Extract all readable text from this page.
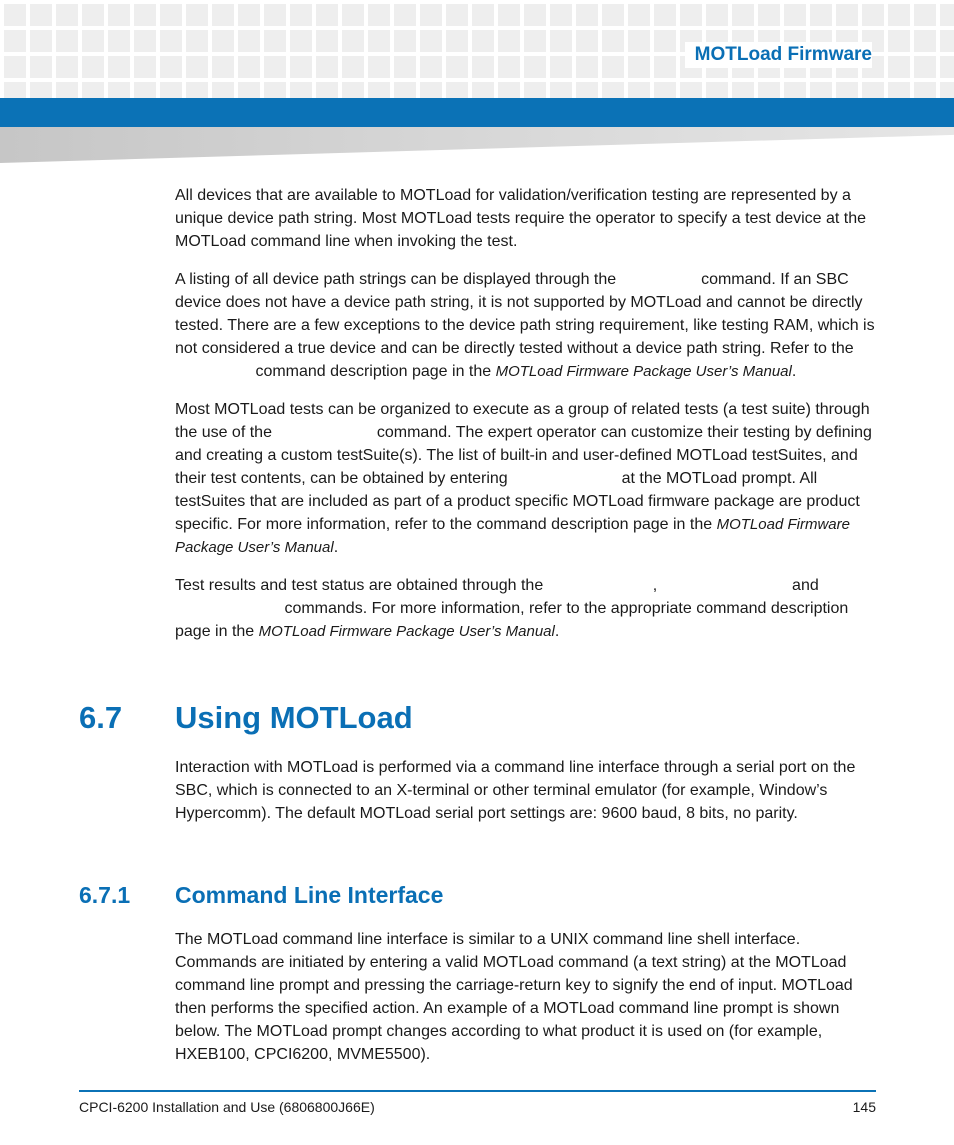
MOTLoad Firmware

All devices that are available to MOTLoad for validation/verification testing are represented by a unique device path string. Most MOTLoad tests require the operator to specify a test device at the MOTLoad command line when invoking the test.

A listing of all device path strings can be displayed through the	command. If an SBC device does not have a device path string, it is not supported by MOTLoad and cannot be directly tested. There are a few exceptions to the device path string requirement, like testing RAM, which is not considered a true device and can be directly tested without a device path string. Refer to the  command description page in the MOTLoad Firmware Package User’s Manual.

Most MOTLoad tests can be organized to execute as a group of related tests (a test suite) through the use of the	command. The expert operator can customize their testing by defining and creating a custom testSuite(s). The list of built-in and user-defined MOTLoad testSuites, and their test contents, can be obtained by entering	at the MOTLoad prompt. All testSuites that are included as part of a product specific MOTLoad firmware package are product specific. For more information, refer to the command description page in the MOTLoad Firmware Package User’s Manual.

Test results and test status are obtained through the	,	and  commands. For more information, refer to the appropriate command description page in the MOTLoad Firmware Package User’s Manual.

6.7 Using MOTLoad

Interaction with MOTLoad is performed via a command line interface through a serial port on the SBC, which is connected to an X-terminal or other terminal emulator (for example, Window’s Hypercomm). The default MOTLoad serial port settings are: 9600 baud, 8 bits, no parity.

6.7.1 Command Line Interface

The MOTLoad command line interface is similar to a UNIX command line shell interface. Commands are initiated by entering a valid MOTLoad command (a text string) at the MOTLoad command line prompt and pressing the carriage-return key to signify the end of input. MOTLoad then performs the specified action. An example of a MOTLoad command line prompt is shown below. The MOTLoad prompt changes according to what product it is used on (for example, HXEB100, CPCI6200, MVME5500).

CPCI-6200 Installation and Use (6806800J66E)	145
